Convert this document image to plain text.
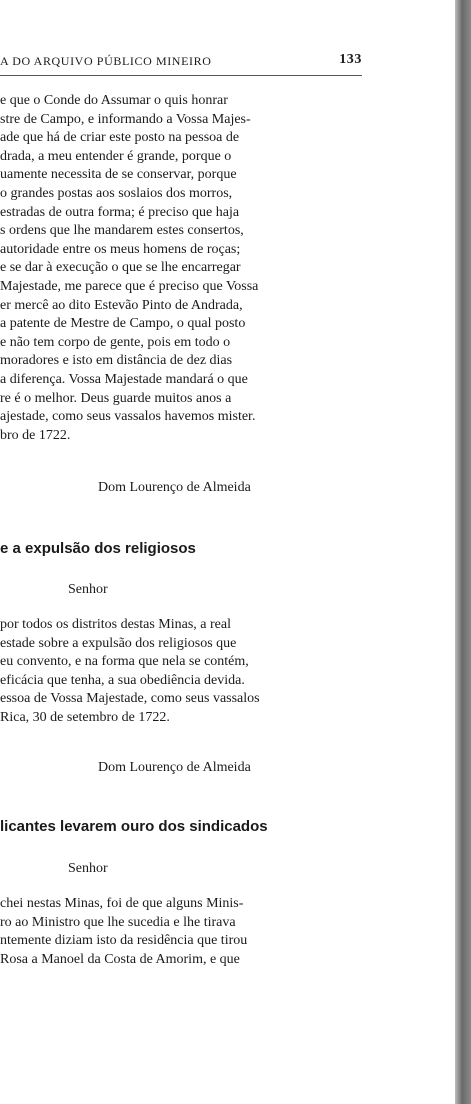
A DO ARQUIVO PÚBLICO MINEIRO	133
e que o Conde do Assumar o quis honrar
stre de Campo, e informando a Vossa Majes-
ade que há de criar este posto na pessoa de
drada, a meu entender é grande, porque o
uamente necessita de se conservar, porque
o grandes postas aos soslaios dos morros,
estradas de outra forma; é preciso que haja
s ordens que lhe mandarem estes consertos,
autoridade entre os meus homens de roças;
e se dar à execução o que se lhe encarregar
Majestade, me parece que é preciso que Vossa
er mercê ao dito Estevão Pinto de Andrada,
a patente de Mestre de Campo, o qual posto
e não tem corpo de gente, pois em todo o
moradores e isto em distância de dez dias
a diferença. Vossa Majestade mandará o que
re é o melhor. Deus guarde muitos anos a
ajestade, como seus vassalos havemos mister.
bro de 1722.
Dom Lourenço de Almeida
e a expulsão dos religiosos
Senhor
por todos os distritos destas Minas, a real
estade sobre a expulsão dos religiosos que
eu convento, e na forma que nela se contém,
eficácia que tenha, a sua obediência devida.
essoa de Vossa Majestade, como seus vassalos
Rica, 30 de setembro de 1722.
Dom Lourenço de Almeida
licantes levarem ouro dos sindicados
Senhor
chei nestas Minas, foi de que alguns Minis-
ro ao Ministro que lhe sucedia e lhe tirava
ntemente diziam isto da residência que tirou
Rosa a Manoel da Costa de Amorim, e que
